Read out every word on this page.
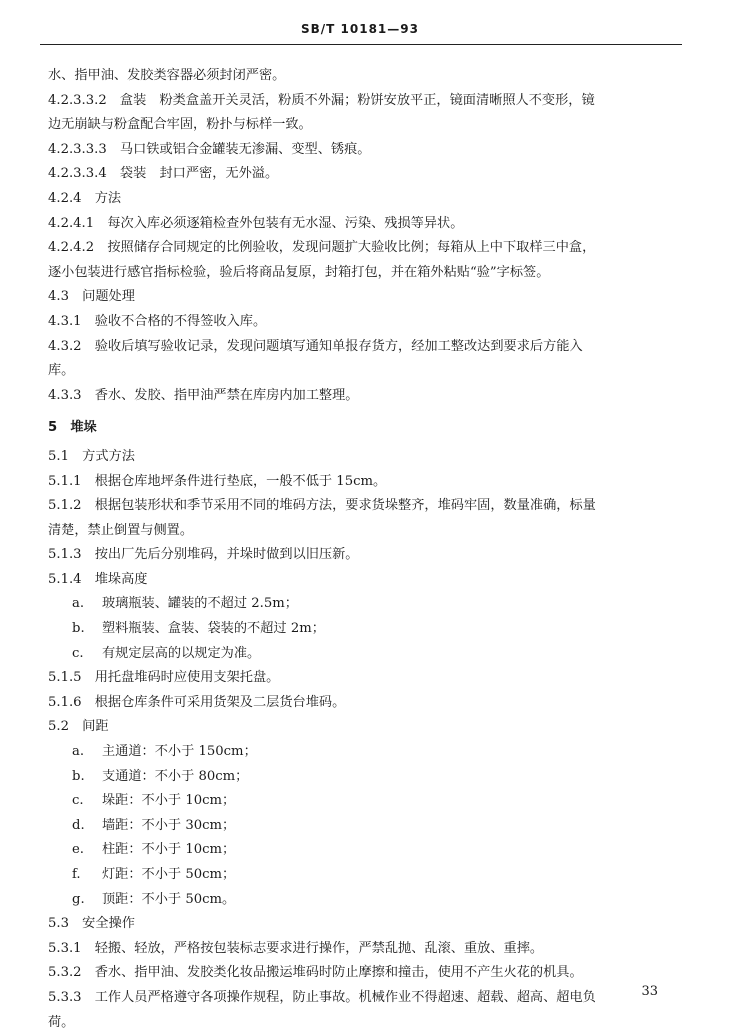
SB/T 10181—93
水、指甲油、发胶类容器必须封闭严密。
4.2.3.3.2　盒装　粉类盒盖开关灵活，粉质不外漏；粉饼安放平正，镜面清晰照人不变形，镜
边无崩缺与粉盒配合牢固，粉扑与标样一致。
4.2.3.3.3　马口铁或铝合金罐装无渗漏、变型、锈痕。
4.2.3.3.4　袋装　封口严密，无外溢。
4.2.4　方法
4.2.4.1　每次入库必须逐箱检查外包装有无水湿、污染、残损等异状。
4.2.4.2　按照储存合同规定的比例验收，发现问题扩大验收比例；每箱从上中下取样三中盒，
逐小包装进行感官指标检验，验后将商品复原，封箱打包，并在箱外粘贴“验”字标签。
4.3　问题处理
4.3.1　验收不合格的不得签收入库。
4.3.2　验收后填写验收记录，发现问题填写通知单报存货方，经加工整改达到要求后方能入
库。
4.3.3　香水、发胶、指甲油严禁在库房内加工整理。
5　堆垛
5.1　方式方法
5.1.1　根据仓库地坪条件进行垫底，一般不低于 15cm。
5.1.2　根据包装形状和季节采用不同的堆码方法，要求货垛整齐，堆码牢固，数量准确，标量
清楚，禁止倒置与侧置。
5.1.3　按出厂先后分别堆码，并垛时做到以旧压新。
5.1.4　堆垛高度
a. 玻璃瓶装、罐装的不超过 2.5m；
b. 塑料瓶装、盒装、袋装的不超过 2m；
c. 有规定层高的以规定为准。
5.1.5　用托盘堆码时应使用支架托盘。
5.1.6　根据仓库条件可采用货架及二层货台堆码。
5.2　间距
a. 主通道：不小于 150cm；
b. 支通道：不小于 80cm；
c. 垛距：不小于 10cm；
d. 墙距：不小于 30cm；
e. 柱距：不小于 10cm；
f. 灯距：不小于 50cm；
g. 顶距：不小于 50cm。
5.3　安全操作
5.3.1　轻搬、轻放，严格按包装标志要求进行操作，严禁乱抛、乱滚、重放、重摔。
5.3.2　香水、指甲油、发胶类化妆品搬运堆码时防止摩擦和撞击，使用不产生火花的机具。
5.3.3　工作人员严格遵守各项操作规程，防止事故。机械作业不得超速、超载、超高、超电负
荷。
33
